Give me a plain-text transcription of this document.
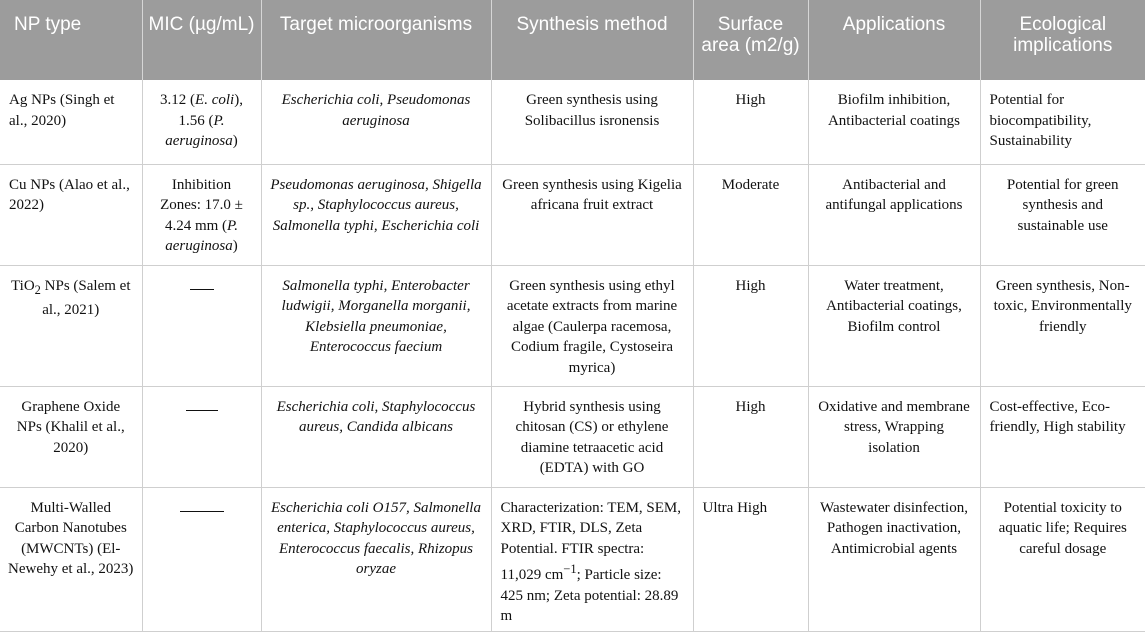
NP type	MIC (µg/mL)	Target microorganisms	Synthesis method	Surface area (m2/g)	Applications	Ecological implications
Ag NPs (Singh et al., 2020)	3.12 (E. coli), 1.56 (P. aeruginosa)	Escherichia coli, Pseudomonas aeruginosa	Green synthesis using Solibacillus isronensis	High	Biofilm inhibition, Antibacterial coatings	Potential for biocompatibility, Sustainability
Cu NPs (Alao et al., 2022)	Inhibition Zones: 17.0 ± 4.24 mm (P. aeruginosa)	Pseudomonas aeruginosa, Shigella sp., Staphylococcus aureus, Salmonella typhi, Escherichia coli	Green synthesis using Kigelia africana fruit extract	Moderate	Antibacterial and antifungal applications	Potential for green synthesis and sustainable use
TiO$_2$ NPs (Salem et al., 2021)		Salmonella typhi, Enterobacter ludwigii, Morganella morganii, Klebsiella pneumoniae, Enterococcus faecium	Green synthesis using ethyl acetate extracts from marine algae (Caulerpa racemosa, Codium fragile, Cystoseira myrica)	High	Water treatment, Antibacterial coatings, Biofilm control	Green synthesis, Non-toxic, Environmentally friendly
Graphene Oxide NPs (Khalil et al., 2020)		Escherichia coli, Staphylococcus aureus, Candida albicans	Hybrid synthesis using chitosan (CS) or ethylene diamine tetraacetic acid (EDTA) with GO	High	Oxidative and membrane stress, Wrapping isolation	Cost-effective, Eco-friendly, High stability
Multi-Walled Carbon Nanotubes (MWCNTs) (El-Newehy et al., 2023)		Escherichia coli O157, Salmonella enterica, Staphylococcus aureus, Enterococcus faecalis, Rhizopus oryzae	Characterization: TEM, SEM, XRD, FTIR, DLS, Zeta Potential. FTIR spectra: 11,029 $cm^{-1}$; Particle size: 425 nm; Zeta potential: 28.89 m	Ultra High	Wastewater disinfection, Pathogen inactivation, Antimicrobial agents	Potential toxicity to aquatic life; Requires careful dosage
